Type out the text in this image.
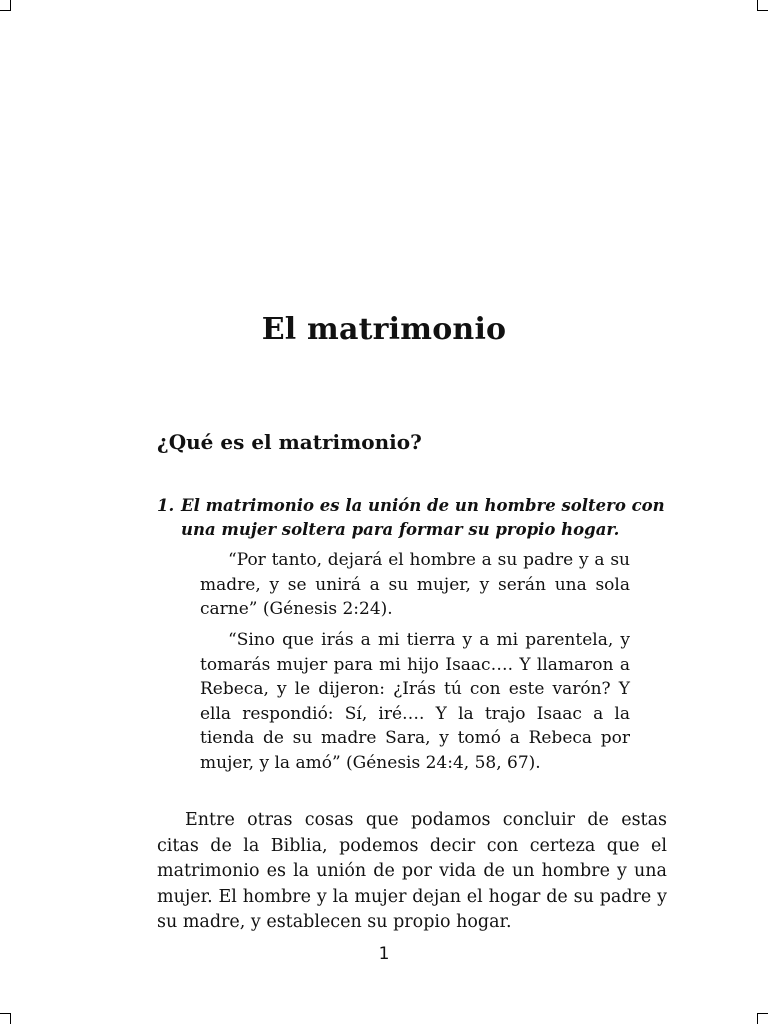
El matrimonio
¿Qué es el matrimonio?
1. El matrimonio es la unión de un hombre soltero con una mujer soltera para formar su propio hogar.
“Por tanto, dejará el hombre a su padre y a su madre, y se unirá a su mujer, y serán una sola carne” (Génesis 2:24).
“Sino que irás a mi tierra y a mi parentela, y tomarás mujer para mi hijo Isaac…. Y llamaron a Rebeca, y le dijeron: ¿Irás tú con este varón? Y ella respondió: Sí, iré…. Y la trajo Isaac a la tienda de su madre Sara, y tomó a Rebeca por mujer, y la amó” (Génesis 24:4, 58, 67).
Entre otras cosas que podamos concluir de estas citas de la Biblia, podemos decir con certeza que el matrimonio es la unión de por vida de un hombre y una mujer. El hombre y la mujer dejan el hogar de su padre y su madre, y establecen su propio hogar.
1
